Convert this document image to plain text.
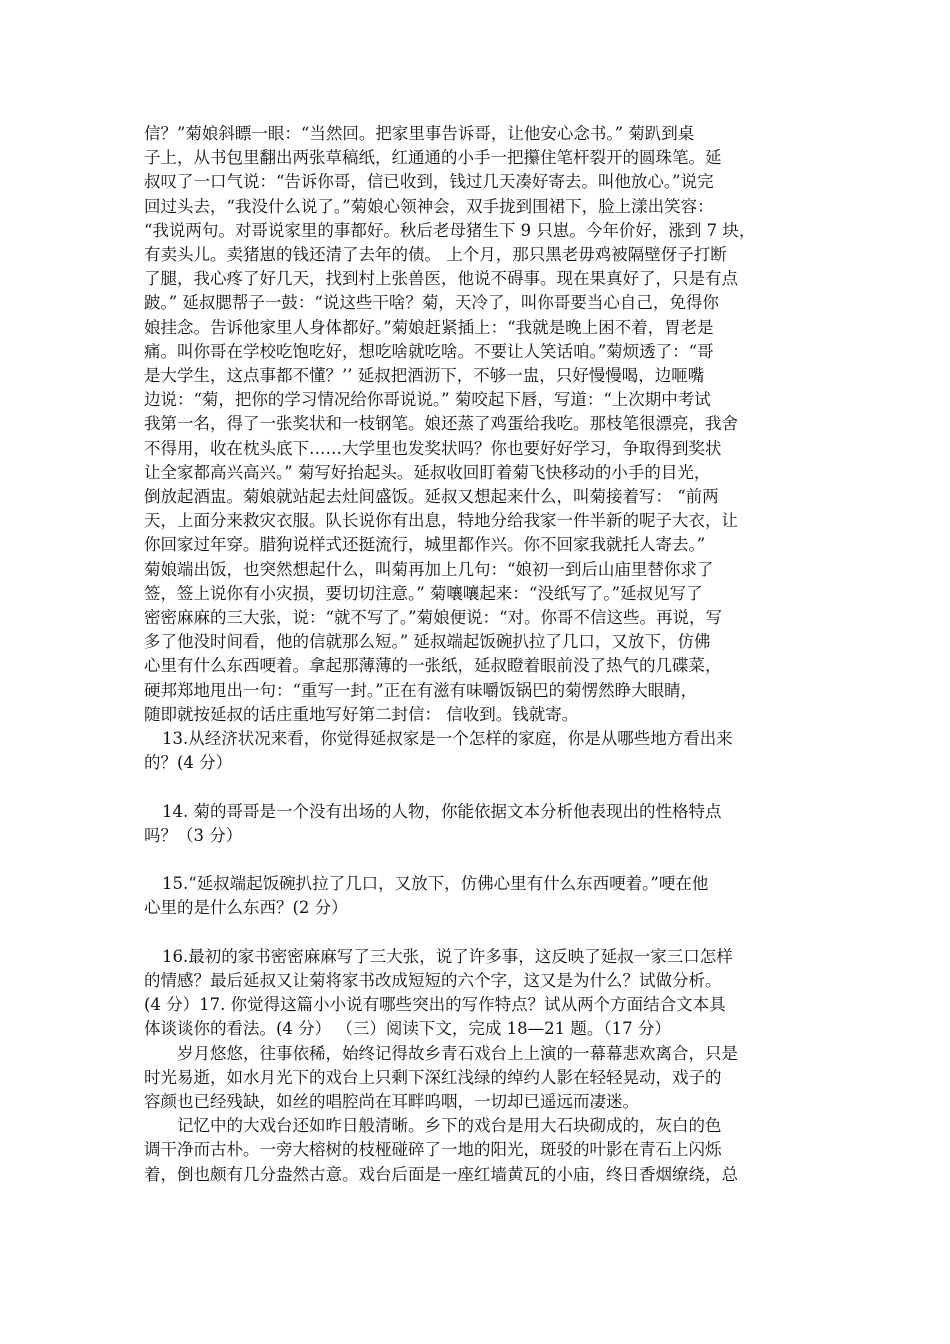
信？”菊娘斜瞟一眼：“当然回。把家里事告诉哥，让他安心念书。” 菊趴到桌
子上，从书包里翻出两张草稿纸，红通通的小手一把攥住笔杆裂开的圆珠笔。延
叔叹了一口气说：“告诉你哥，信已收到，钱过几天凑好寄去。叫他放心。”说完
回过头去，“我没什么说了。”菊娘心领神会，双手拢到围裙下，脸上漾出笑容：
“我说两句。对哥说家里的事都好。秋后老母猪生下 9 只崽。今年价好，涨到 7 块，
有卖头儿。卖猪崽的钱还清了去年的债。 上个月，那只黑老毋鸡被隔壁伢子打断
了腿，我心疼了好几天，找到村上张兽医，他说不碍事。现在果真好了，只是有点
跛。” 延叔腮帮子一鼓：“说这些干啥？菊，天冷了，叫你哥要当心自己，免得你
娘挂念。告诉他家里人身体都好。”菊娘赶紧插上：“我就是晚上困不着，胃老是
痛。叫你哥在学校吃饱吃好，想吃啥就吃啥。不要让人笑话咱。”菊烦透了：“哥
是大学生，这点事都不懂？’’ 延叔把酒沥下，不够一盅，只好慢慢喝，边咂嘴
边说：“菊，把你的学习情况给你哥说说。” 菊咬起下唇，写道：“上次期中考试
我第一名，得了一张奖状和一枝钢笔。娘还蒸了鸡蛋给我吃。那枝笔很漂亮，我舍
不得用，收在枕头底下……大学里也发奖状吗？你也要好好学习，争取得到奖状
让全家都高兴高兴。” 菊写好抬起头。延叔收回盯着菊飞快移动的小手的目光，
倒放起酒盅。菊娘就站起去灶间盛饭。延叔又想起来什么，叫菊接着写： “前两
天，上面分来救灾衣服。队长说你有出息，特地分给我家一件半新的呢子大衣，让
你回家过年穿。腊狗说样式还挺流行，城里都作兴。你不回家我就托人寄去。”
菊娘端出饭，也突然想起什么，叫菊再加上几句：“娘初一到后山庙里替你求了
签，签上说你有小灾损，要切切注意。” 菊嚷嚷起来：“没纸写了。”延叔见写了
密密麻麻的三大张，说：“就不写了。”菊娘便说：“对。你哥不信这些。再说，写
多了他没时间看，他的信就那么短。” 延叔端起饭碗扒拉了几口，又放下，仿佛
心里有什么东西哽着。拿起那薄薄的一张纸，延叔瞪着眼前没了热气的几碟菜，
硬邦郑地甩出一句：“重写一封。”正在有滋有味嚼饭锅巴的菊愣然睁大眼睛，
随即就按延叔的话庄重地写好第二封信： 信收到。钱就寄。
13.从经济状况来看，你觉得延叔家是一个怎样的家庭，你是从哪些地方看出来
的？(4 分）
14. 菊的哥哥是一个没有出场的人物，你能依据文本分析他表现出的性格特点
吗？（3 分）
15.“延叔端起饭碗扒拉了几口，又放下，仿佛心里有什么东西哽着。”哽在他
心里的是什么东西？(2 分）
16.最初的家书密密麻麻写了三大张，说了许多事，这反映了延叔一家三口怎样
的情感？最后延叔又让菊将家书改成短短的六个字，这又是为什么？试做分析。
(4 分）17. 你觉得这篇小小说有哪些突出的写作特点？试从两个方面结合文本具
体谈谈你的看法。(4 分） （三）阅读下文，完成 18—21 题。（17 分）
岁月悠悠，往事依稀，始终记得故乡青石戏台上上演的一幕幕悲欢离合，只是
时光易逝，如水月光下的戏台上只剩下深红浅绿的绰约人影在轻轻晃动，戏子的
容颜也已经残缺，如丝的唱腔尚在耳畔呜咽，一切却已遥远而凄迷。
记忆中的大戏台还如昨日般清晰。乡下的戏台是用大石块砌成的，灰白的色
调干净而古朴。一旁大榕树的枝桠碰碎了一地的阳光，斑驳的叶影在青石上闪烁
着，倒也颇有几分盎然古意。戏台后面是一座红墙黄瓦的小庙，终日香烟缭绕，总
